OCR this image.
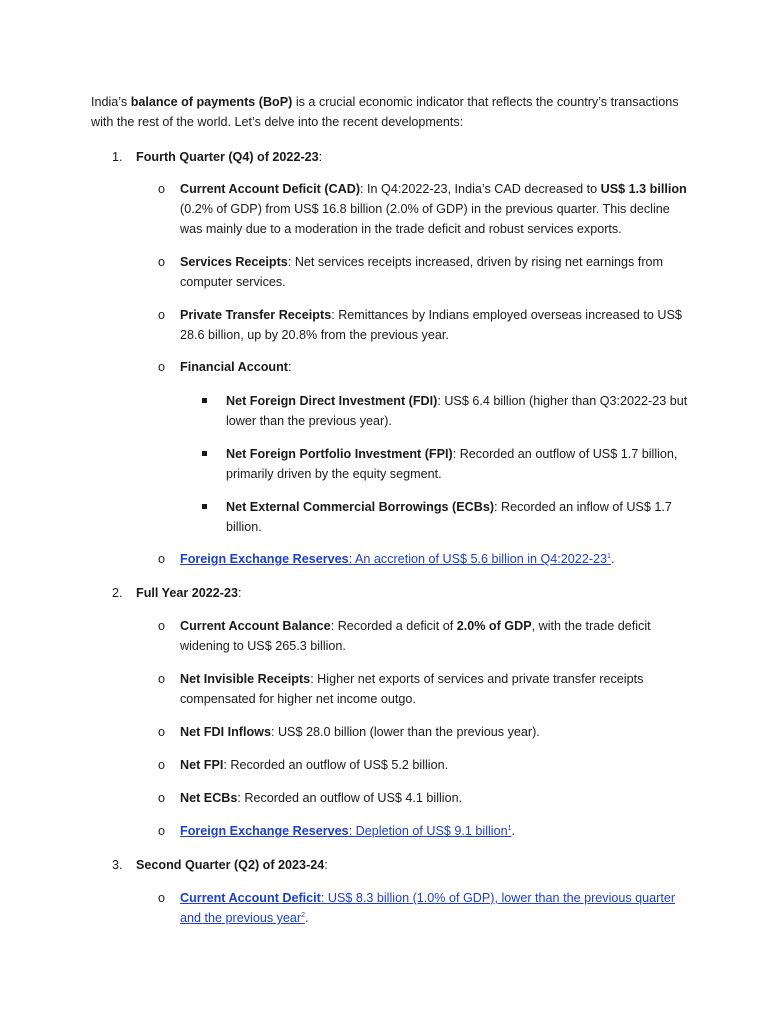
India’s balance of payments (BoP) is a crucial economic indicator that reflects the country’s transactions with the rest of the world. Let’s delve into the recent developments:

1. Fourth Quarter (Q4) of 2022-23:

o Current Account Deficit (CAD): In Q4:2022-23, India’s CAD decreased to US$ 1.3 billion (0.2% of GDP) from US$ 16.8 billion (2.0% of GDP) in the previous quarter. This decline was mainly due to a moderation in the trade deficit and robust services exports.
o Services Receipts: Net services receipts increased, driven by rising net earnings from computer services.
o Private Transfer Receipts: Remittances by Indians employed overseas increased to US$ 28.6 billion, up by 20.8% from the previous year.
o Financial Account:
Net Foreign Direct Investment (FDI): US$ 6.4 billion (higher than Q3:2022-23 but lower than the previous year).
Net Foreign Portfolio Investment (FPI): Recorded an outflow of US$ 1.7 billion, primarily driven by the equity segment.
Net External Commercial Borrowings (ECBs): Recorded an inflow of US$ 1.7 billion.
o Foreign Exchange Reserves: An accretion of US$ 5.6 billion in $Q4:2022-23^1$.

2. Full Year 2022-23:

o Current Account Balance: Recorded a deficit of 2.0% of GDP, with the trade deficit widening to US$ 265.3 billion.
o Net Invisible Receipts: Higher net exports of services and private transfer receipts compensated for higher net income outgo.
o Net FDI Inflows: US$ 28.0 billion (lower than the previous year).
o Net FPI: Recorded an outflow of US$ 5.2 billion.
o Net ECBs: Recorded an outflow of US$ 4.1 billion.
o Foreign Exchange Reserves: Depletion of US$ 9.1 billion$^1$.

3. Second Quarter (Q2) of 2023-24:

o Current Account Deficit: US$ 8.3 billion (1.0% of GDP), lower than the previous quarter and the previous year$^2$.
